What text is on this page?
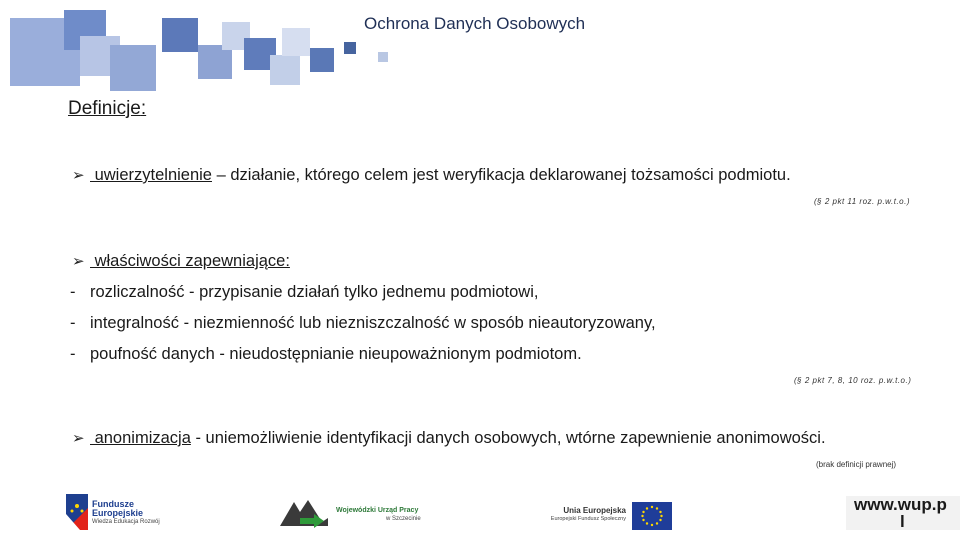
Ochrona Danych Osobowych
Definicje:
➢ uwierzytelnienie – działanie, którego celem jest weryfikacja deklarowanej tożsamości podmiotu.
(§ 2 pkt 11 roz. p.w.t.o.)
➢ właściwości zapewniające:
- rozliczalność - przypisanie działań tylko jednemu podmiotowi,
- integralność - niezmienność lub niezniszczalność w sposób nieautoryzowany,
- poufność danych - nieudostępnianie nieupoważnionym podmiotom.
(§ 2 pkt 7, 8, 10 roz. p.w.t.o.)
➢ anonimizacja - uniemożliwienie identyfikacji danych osobowych, wtórne zapewnienie anonimowości.
(brak definicji prawnej)
Fundusze
Europejskie
Wiedza Edukacja Rozwój
Wojewódzki Urząd Pracy
w Szczecinie
Unia Europejska
Europejski Fundusz Społeczny
www.wup.p
l
